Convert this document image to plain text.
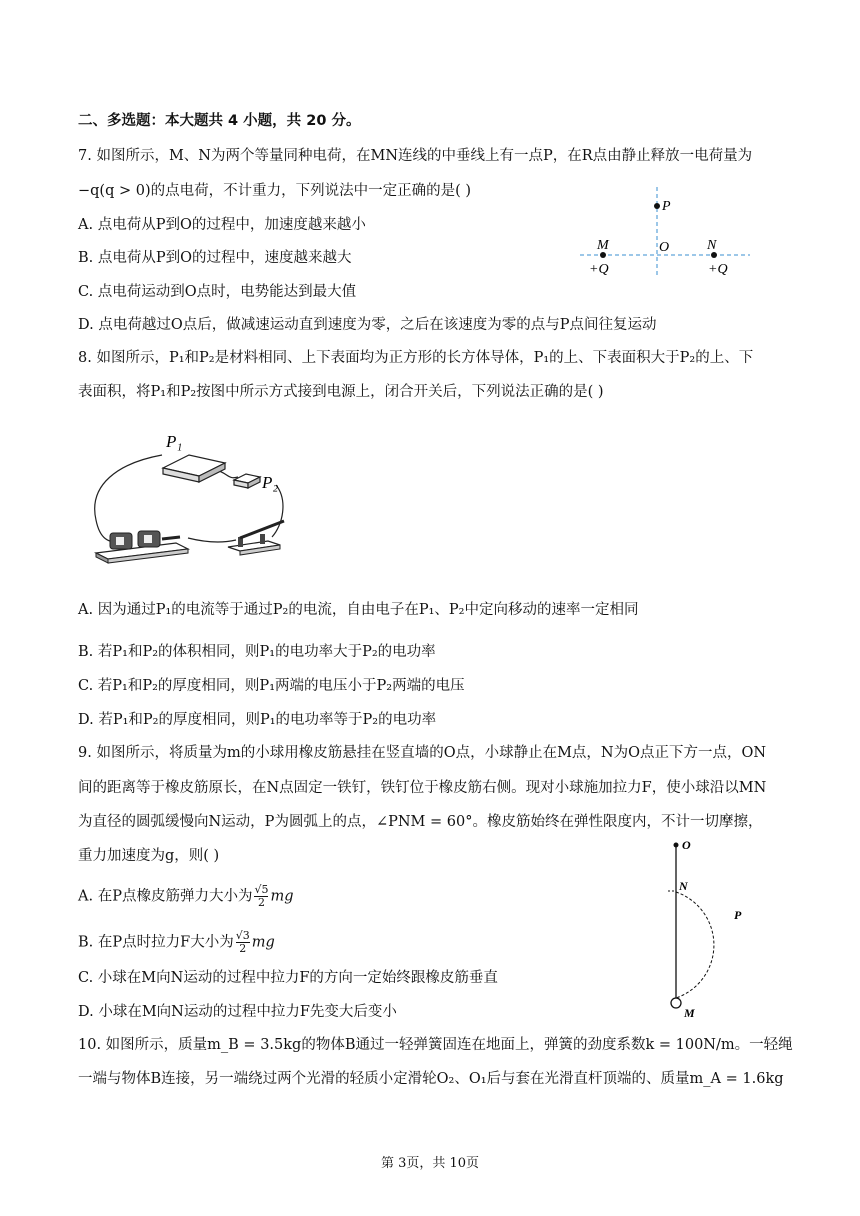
二、多选题：本大题共 4 小题，共 20 分。
7. 如图所示，M、N为两个等量同种电荷，在MN连线的中垂线上有一点P，在R点由静止释放一电荷量为
−q(q > 0)的点电荷，不计重力，下列说法中一定正确的是( )
A. 点电荷从P到O的过程中，加速度越来越小
B. 点电荷从P到O的过程中，速度越来越大
C. 点电荷运动到O点时，电势能达到最大值
D. 点电荷越过O点后，做减速运动直到速度为零，之后在该速度为零的点与P点间往复运动
P
O
M	N
+Q	+Q
8. 如图所示，P₁和P₂是材料相同、上下表面均为正方形的长方体导体，P₁的上、下表面积大于P₂的上、下
表面积，将P₁和P₂按图中所示方式接到电源上，闭合开关后，下列说法正确的是( )
P₁
P₂
A. 因为通过P₁的电流等于通过P₂的电流，自由电子在P₁、P₂中定向移动的速率一定相同
B. 若P₁和P₂的体积相同，则P₁的电功率大于P₂的电功率
C. 若P₁和P₂的厚度相同，则P₁两端的电压小于P₂两端的电压
D. 若P₁和P₂的厚度相同，则P₁的电功率等于P₂的电功率
9. 如图所示，将质量为m的小球用橡皮筋悬挂在竖直墙的O点，小球静止在M点，N为O点正下方一点，ON
间的距离等于橡皮筋原长，在N点固定一铁钉，铁钉位于橡皮筋右侧。现对小球施加拉力F，使小球沿以MN
为直径的圆弧缓慢向N运动，P为圆弧上的点，∠PNM = 60°。橡皮筋始终在弹性限度内，不计一切摩擦，
重力加速度为g，则( )
A. 在P点橡皮筋弹力大小为 $\frac{√5}{2}$ mg
B. 在P点时拉力F大小为 $\frac{√3}{2}$ mg
C. 小球在M向N运动的过程中拉力F的方向一定始终跟橡皮筋垂直
D. 小球在M向N运动的过程中拉力F先变大后变小
O
N
P
M
10. 如图所示，质量m_B = 3.5kg的物体B通过一轻弹簧固连在地面上，弹簧的劲度系数k = 100N/m。一轻绳
一端与物体B连接，另一端绕过两个光滑的轻质小定滑轮O₂、O₁后与套在光滑直杆顶端的、质量m_A = 1.6kg
第 3页，共 10页
